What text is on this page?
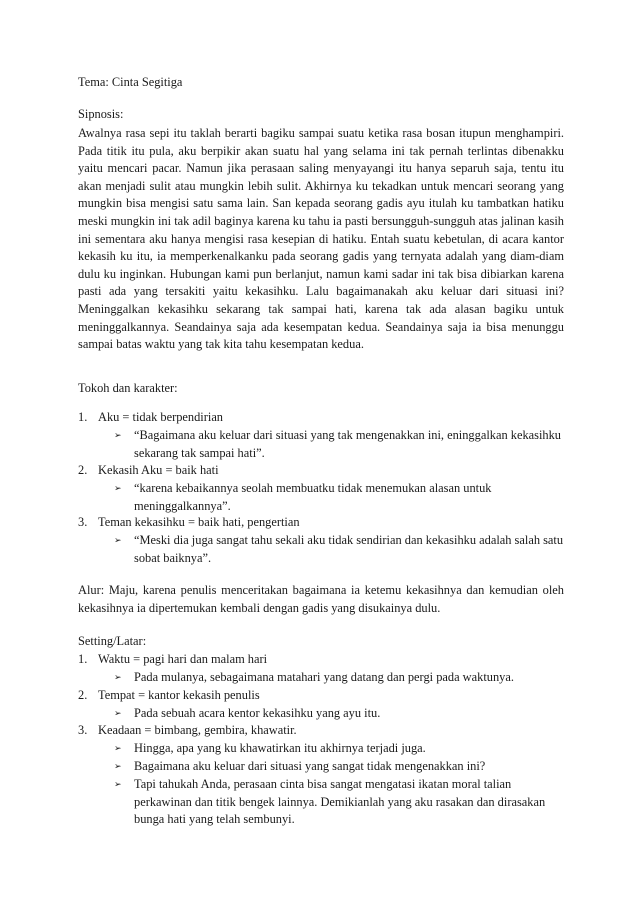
Tema: Cinta Segitiga
Sipnosis:

Awalnya rasa sepi itu taklah berarti bagiku sampai suatu ketika rasa bosan itupun menghampiri. Pada titik itu pula, aku berpikir akan suatu hal yang selama ini tak pernah terlintas dibenakku yaitu mencari pacar. Namun jika perasaan saling menyayangi itu hanya separuh saja, tentu itu akan menjadi sulit atau mungkin lebih sulit. Akhirnya ku tekadkan untuk mencari seorang yang mungkin bisa mengisi satu sama lain. San kepada seorang gadis ayu itulah ku tambatkan hatiku meski mungkin ini tak adil baginya karena ku tahu ia pasti bersungguh-sungguh atas jalinan kasih ini sementara aku hanya mengisi rasa kesepian di hatiku. Entah suatu kebetulan, di acara kantor kekasih ku itu, ia memperkenalkanku pada seorang gadis yang ternyata adalah yang diam-diam dulu ku inginkan. Hubungan kami pun berlanjut, namun kami sadar ini tak bisa dibiarkan karena pasti ada yang tersakiti yaitu kekasihku. Lalu bagaimanakah aku keluar dari situasi ini? Meninggalkan kekasihku sekarang tak sampai hati, karena tak ada alasan bagiku untuk meninggalkannya. Seandainya saja ada kesempatan kedua. Seandainya saja ia bisa menunggu sampai batas waktu yang tak kita tahu kesempatan kedua.

Tokoh dan karakter:
1. Aku = tidak berpendirian
➢ “Bagaimana aku keluar dari situasi yang tak mengenakkan ini, eninggalkan kekasihku sekarang tak sampai hati”.
2. Kekasih Aku = baik hati
➢ “karena kebaikannya seolah membuatku tidak menemukan alasan untuk meninggalkannya”.
3. Teman kekasihku = baik hati, pengertian
➢ “Meski dia juga sangat tahu sekali aku tidak sendirian dan kekasihku adalah salah satu sobat baiknya”.

Alur: Maju, karena penulis menceritakan bagaimana ia ketemu kekasihnya dan kemudian oleh kekasihnya ia dipertemukan kembali dengan gadis yang disukainya dulu.

Setting/Latar:
1. Waktu = pagi hari dan malam hari
➢ Pada mulanya, sebagaimana matahari yang datang dan pergi pada waktunya.
2. Tempat = kantor kekasih penulis
➢ Pada sebuah acara kentor kekasihku yang ayu itu.
3. Keadaan = bimbang, gembira, khawatir.
➢ Hingga, apa yang ku khawatirkan itu akhirnya terjadi juga.
➢ Bagaimana aku keluar dari situasi yang sangat tidak mengenakkan ini?
➢ Tapi tahukah Anda, perasaan cinta bisa sangat mengatasi ikatan moral talian perkawinan dan titik bengek lainnya. Demikianlah yang aku rasakan dan dirasakan bunga hati yang telah sembunyi.
